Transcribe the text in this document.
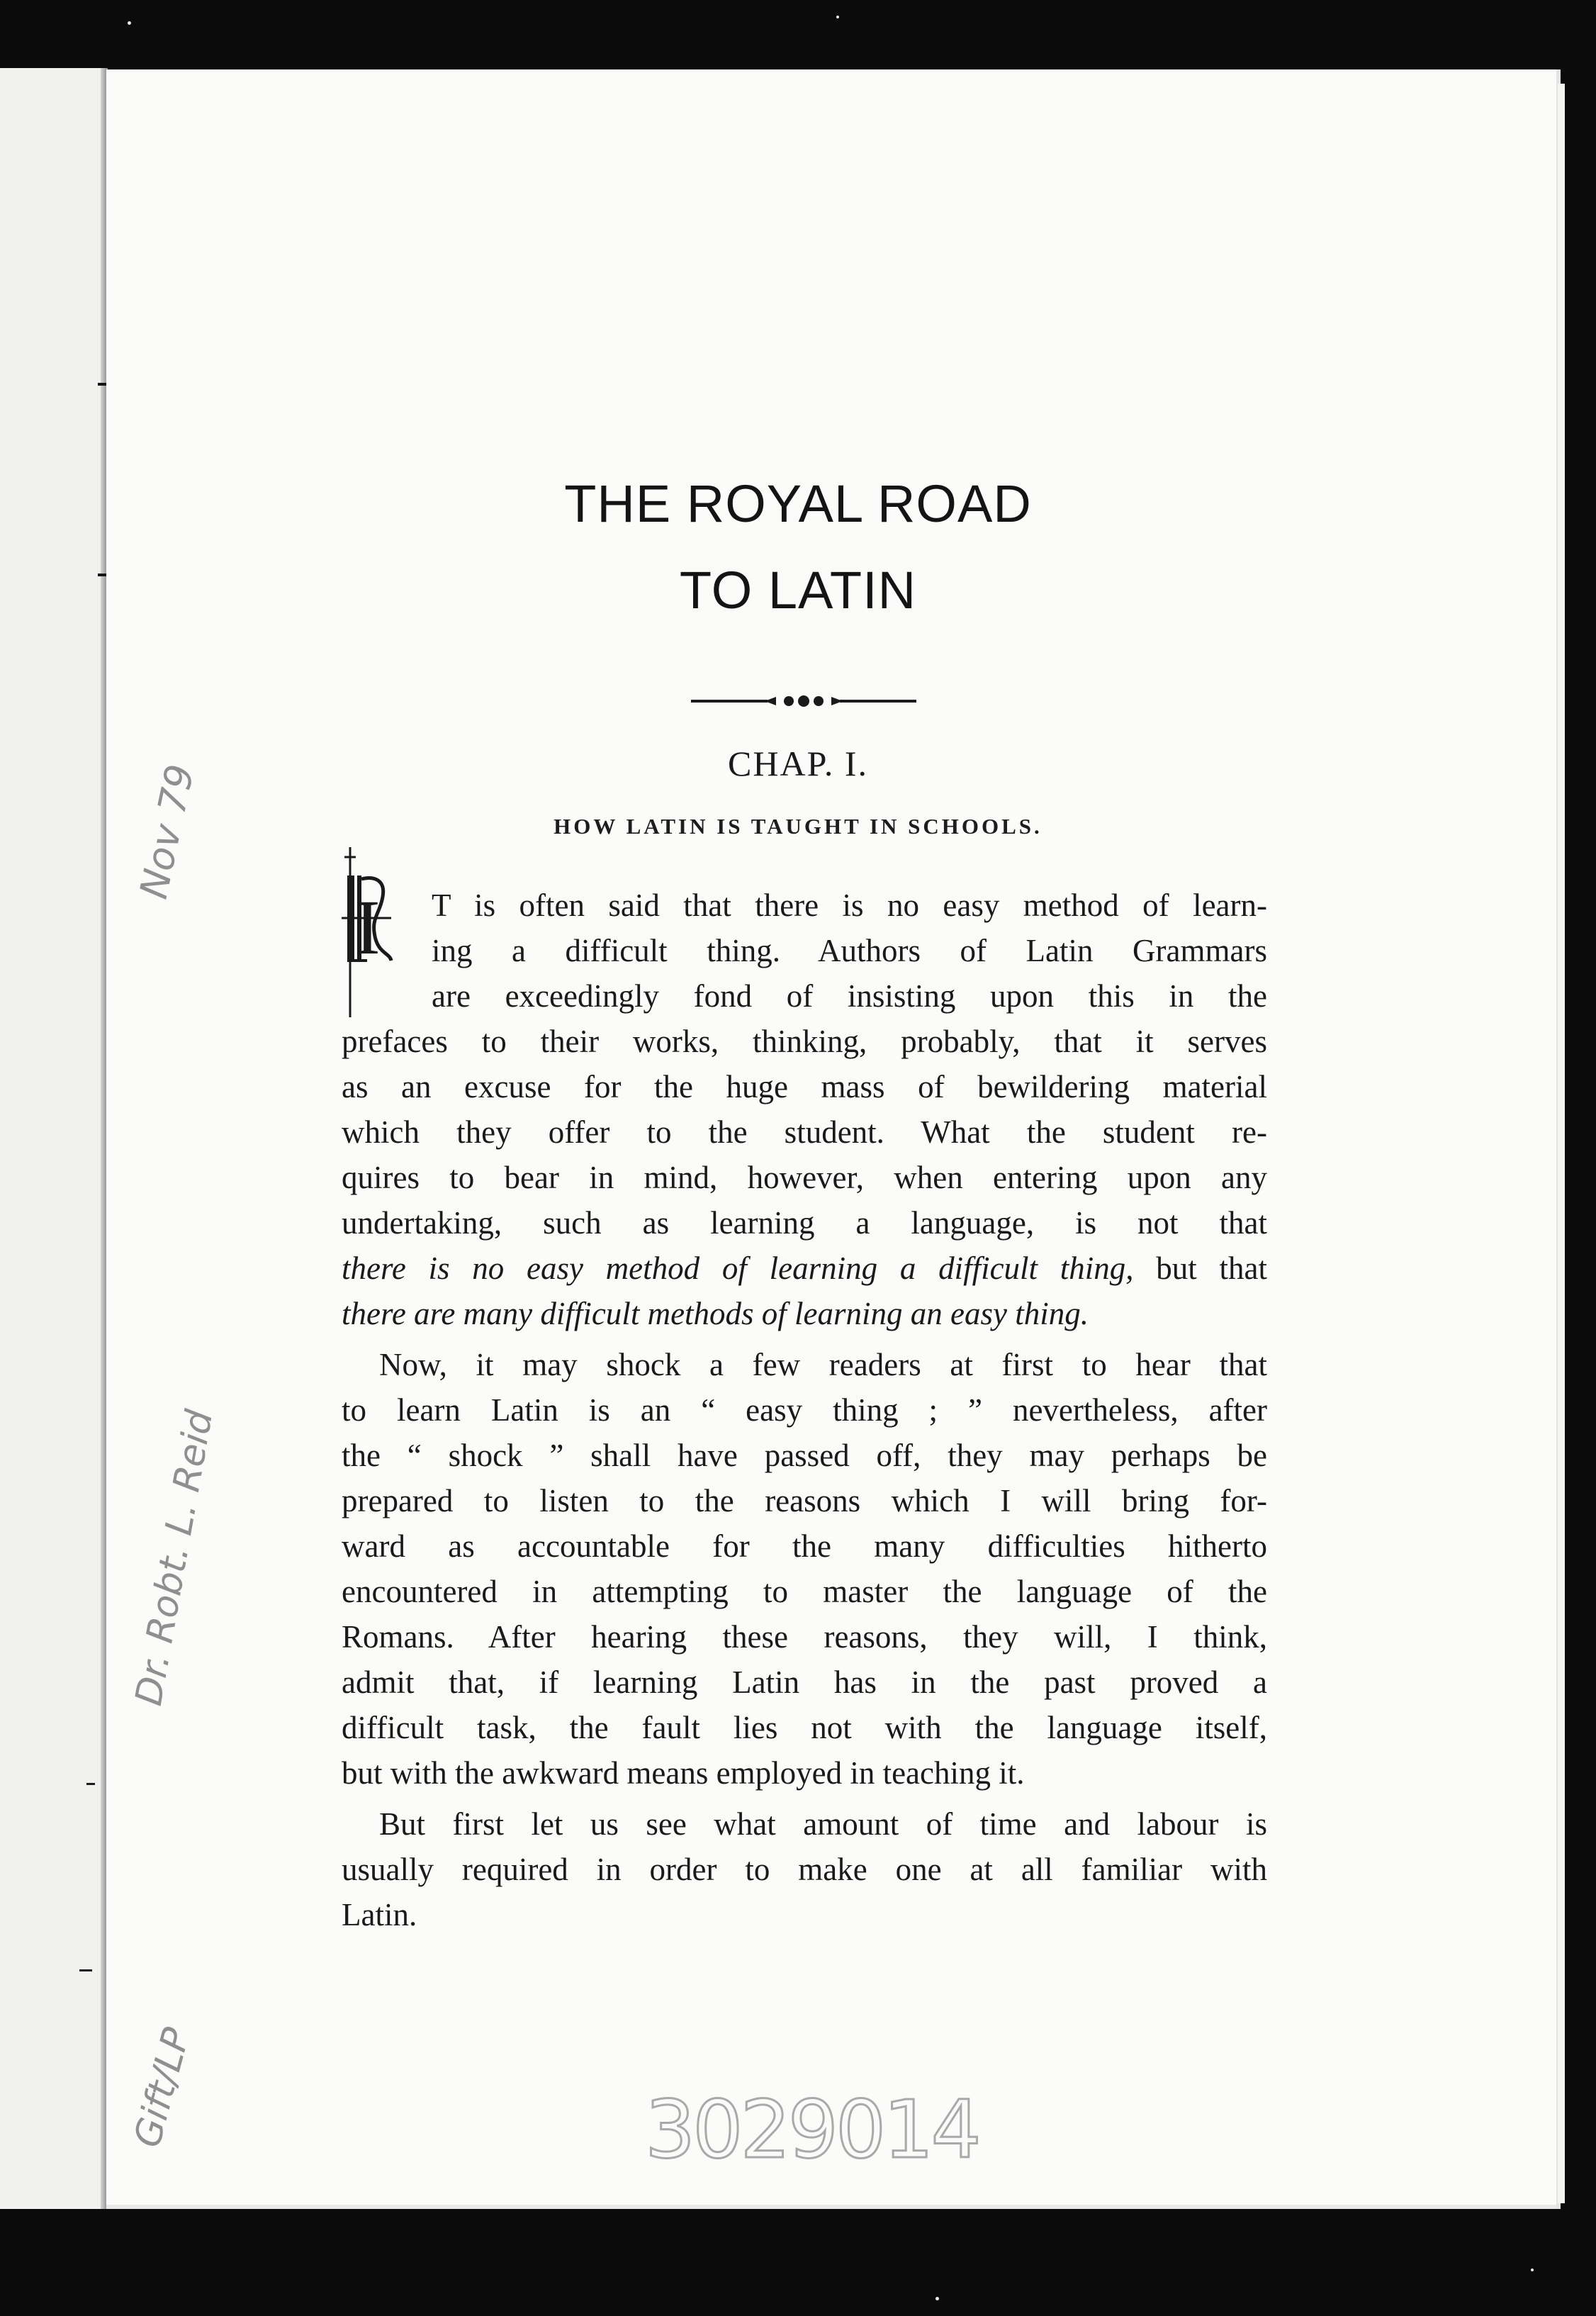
Nov 79
Dr. Robt. L. Reid
Gift/LP
THE ROYAL ROAD
TO LATIN
CHAP. I.
HOW LATIN IS TAUGHT IN SCHOOLS.
I T is often said that there is no easy method of learn-
ing a difficult thing. Authors of Latin Grammars
are exceedingly fond of insisting upon this in the
prefaces to their works, thinking, probably, that it serves
as an excuse for the huge mass of bewildering material
which they offer to the student. What the student re-
quires to bear in mind, however, when entering upon any
undertaking, such as learning a language, is not that
there is no easy method of learning a difficult thing, but that
there are many difficult methods of learning an easy thing.
Now, it may shock a few readers at first to hear that
to learn Latin is an “ easy thing ; ” nevertheless, after
the “ shock ” shall have passed off, they may perhaps be
prepared to listen to the reasons which I will bring for-
ward as accountable for the many difficulties hitherto
encountered in attempting to master the language of the
Romans. After hearing these reasons, they will, I think,
admit that, if learning Latin has in the past proved a
difficult task, the fault lies not with the language itself,
but with the awkward means employed in teaching it.
But first let us see what amount of time and labour is
usually required in order to make one at all familiar with
Latin.
3029014
